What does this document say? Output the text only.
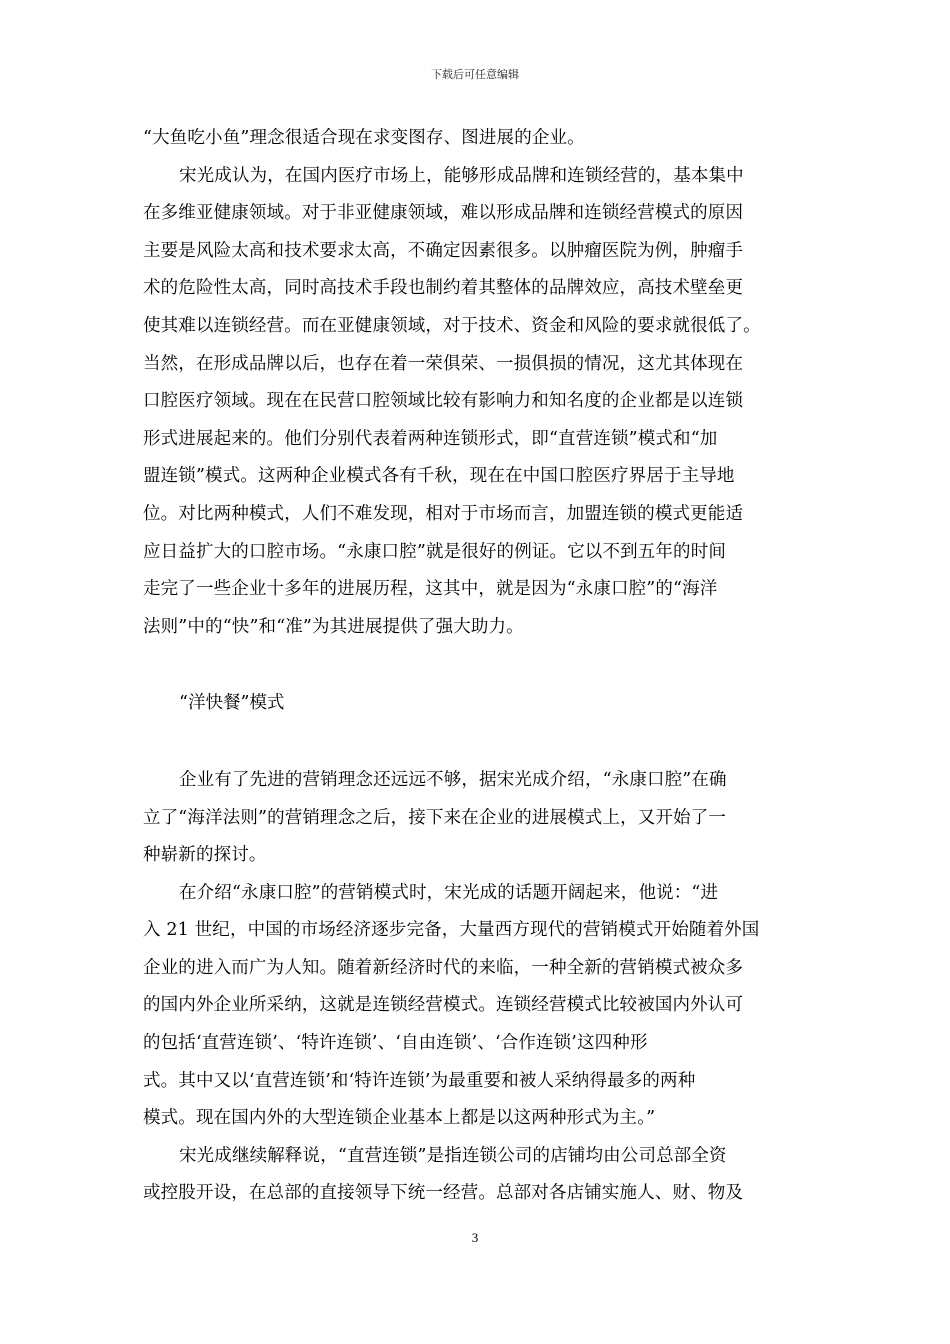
下载后可任意编辑
“大鱼吃小鱼”理念很适合现在求变图存、图进展的企业。
宋光成认为，在国内医疗市场上，能够形成品牌和连锁经营的，基本集中
在多维亚健康领域。对于非亚健康领域，难以形成品牌和连锁经营模式的原因
主要是风险太高和技术要求太高，不确定因素很多。以肿瘤医院为例，肿瘤手
术的危险性太高，同时高技术手段也制约着其整体的品牌效应，高技术壁垒更
使其难以连锁经营。而在亚健康领域，对于技术、资金和风险的要求就很低了。
当然，在形成品牌以后，也存在着一荣俱荣、一损俱损的情况，这尤其体现在
口腔医疗领域。现在在民营口腔领域比较有影响力和知名度的企业都是以连锁
形式进展起来的。他们分别代表着两种连锁形式，即“直营连锁”模式和“加
盟连锁”模式。这两种企业模式各有千秋，现在在中国口腔医疗界居于主导地
位。对比两种模式，人们不难发现，相对于市场而言，加盟连锁的模式更能适
应日益扩大的口腔市场。“永康口腔”就是很好的例证。它以不到五年的时间
走完了一些企业十多年的进展历程，这其中，就是因为“永康口腔”的“海洋
法则”中的“快”和“准”为其进展提供了强大助力。
“洋快餐”模式
企业有了先进的营销理念还远远不够，据宋光成介绍，“永康口腔”在确
立了“海洋法则”的营销理念之后，接下来在企业的进展模式上，又开始了一
种崭新的探讨。
在介绍“永康口腔”的营销模式时，宋光成的话题开阔起来，他说：“进
入 21 世纪，中国的市场经济逐步完备，大量西方现代的营销模式开始随着外国
企业的进入而广为人知。随着新经济时代的来临，一种全新的营销模式被众多
的国内外企业所采纳，这就是连锁经营模式。连锁经营模式比较被国内外认可
的包括‘直营连锁’、‘特许连锁’、‘自由连锁’、‘合作连锁’这四种形
式。其中又以‘直营连锁’和‘特许连锁’为最重要和被人采纳得最多的两种
模式。现在国内外的大型连锁企业基本上都是以这两种形式为主。”
宋光成继续解释说，“直营连锁”是指连锁公司的店铺均由公司总部全资
或控股开设，在总部的直接领导下统一经营。总部对各店铺实施人、财、物及
3
